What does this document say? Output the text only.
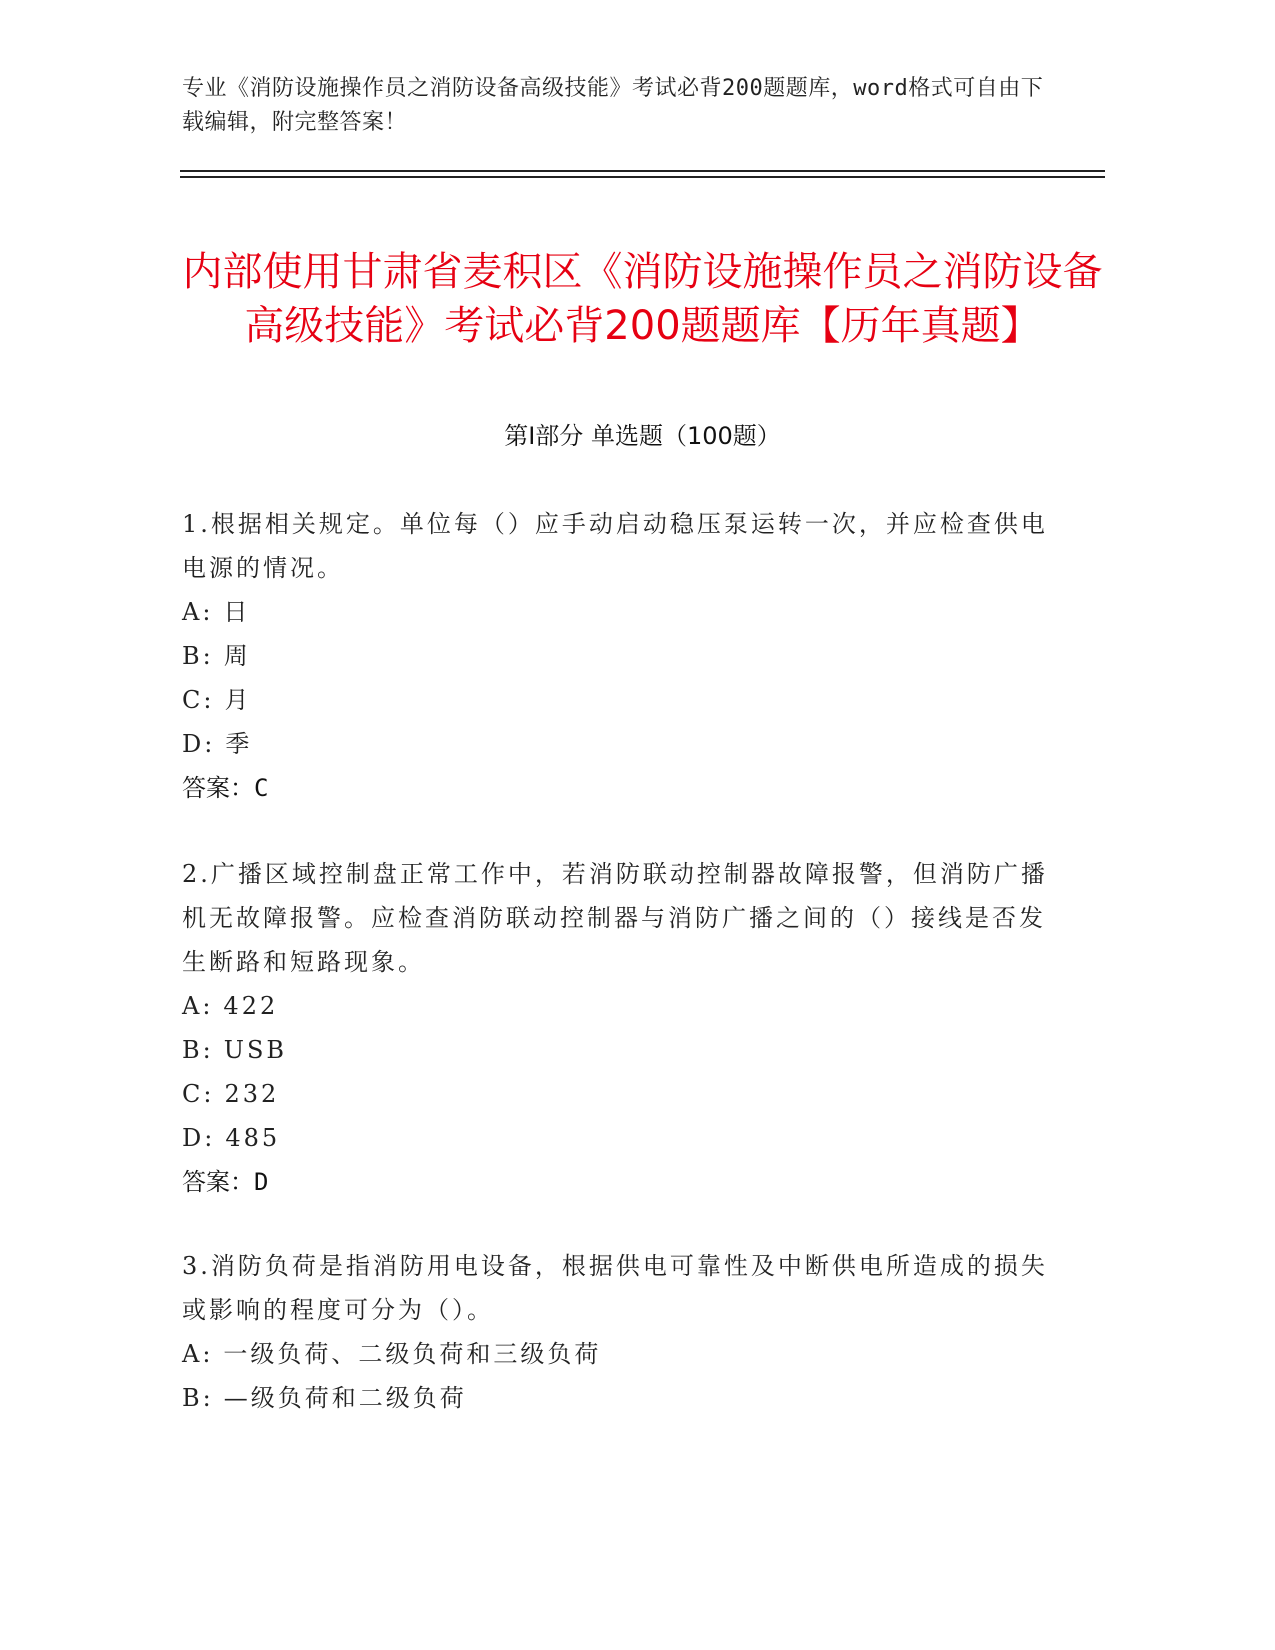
专业《消防设施操作员之消防设备高级技能》考试必背200题题库，word格式可自由下载编辑，附完整答案！
内部使用甘肃省麦积区《消防设施操作员之消防设备高级技能》考试必背200题题库【历年真题】
第I部分 单选题（100题）
1.根据相关规定。单位每（）应手动启动稳压泵运转一次，并应检查供电电源的情况。
A: 日
B: 周
C: 月
D: 季
答案：C
2.广播区域控制盘正常工作中，若消防联动控制器故障报警，但消防广播机无故障报警。应检查消防联动控制器与消防广播之间的（）接线是否发生断路和短路现象。
A: 422
B: USB
C: 232
D: 485
答案：D
3.消防负荷是指消防用电设备，根据供电可靠性及中断供电所造成的损失或影响的程度可分为（）。
A: 一级负荷、二级负荷和三级负荷
B: —级负荷和二级负荷
